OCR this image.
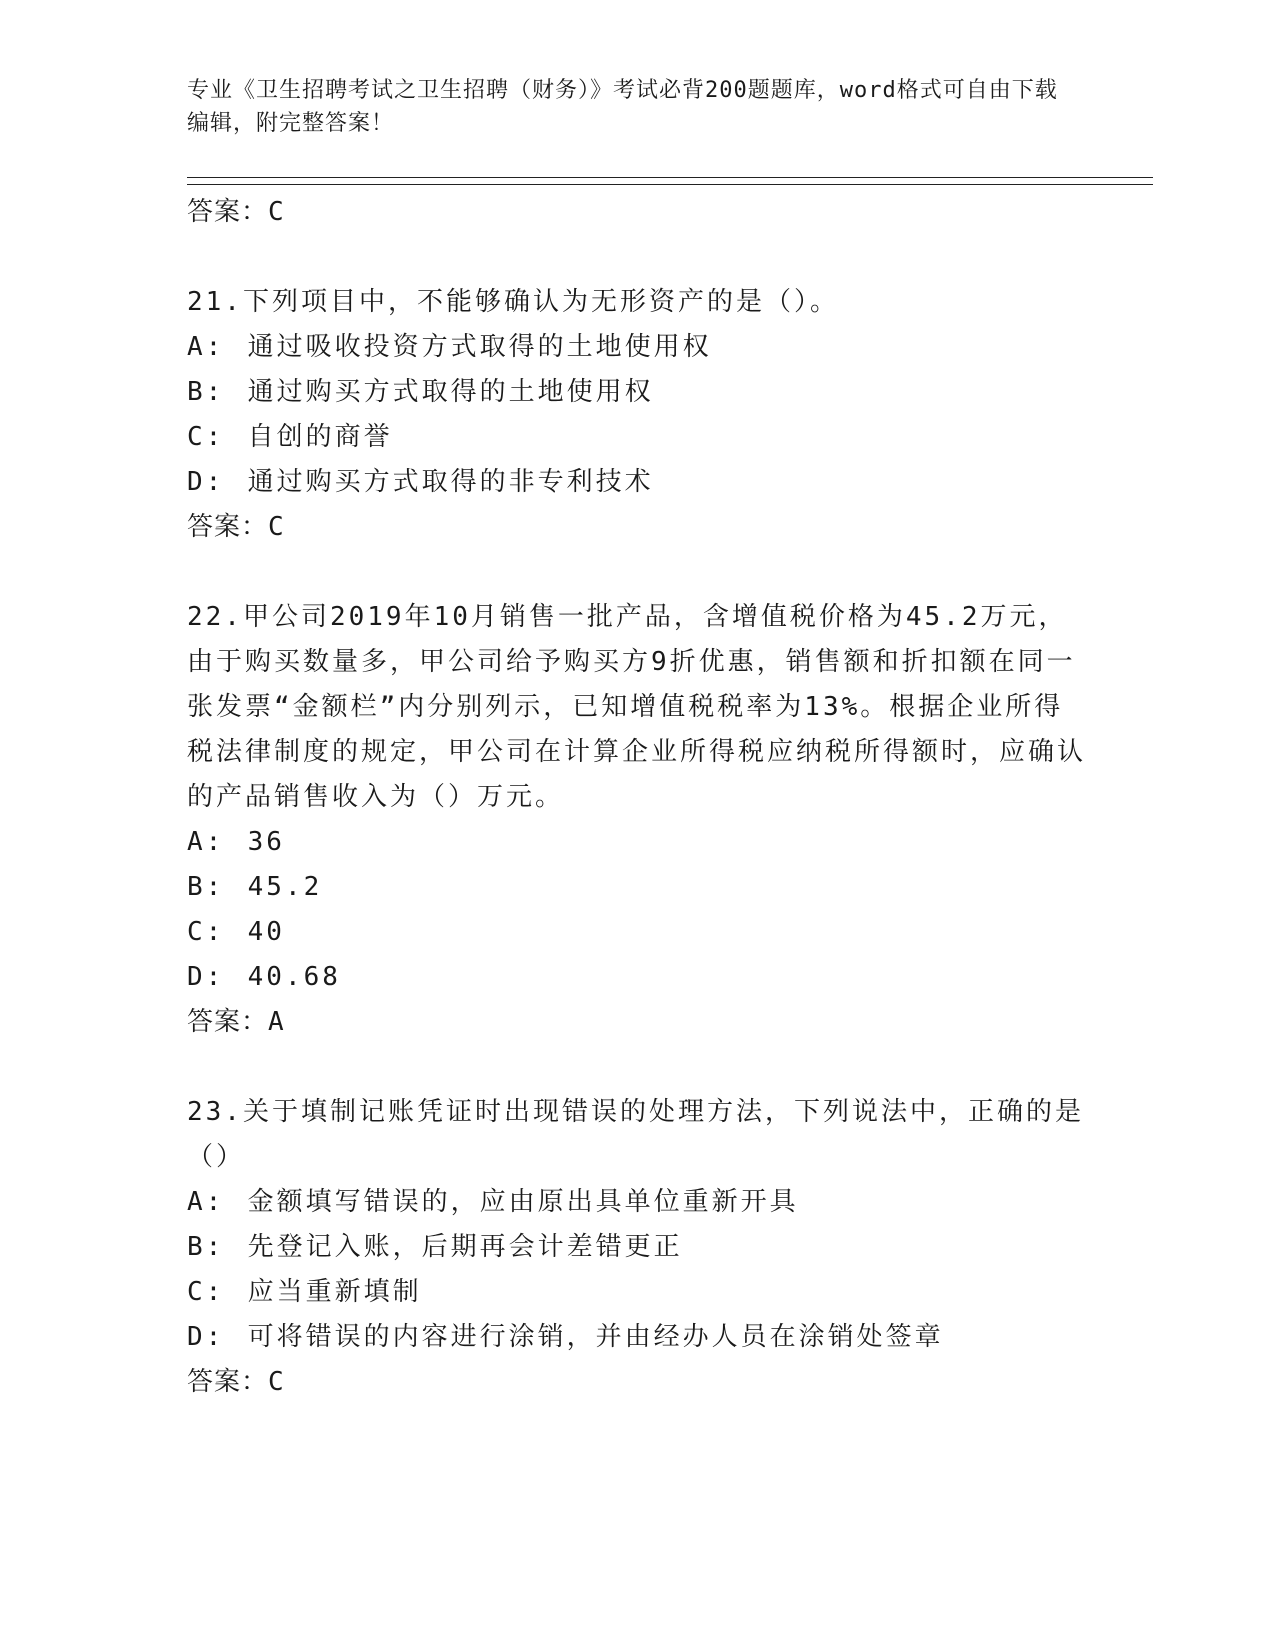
专业《卫生招聘考试之卫生招聘（财务）》考试必背200题题库，word格式可自由下载编辑，附完整答案！

答案：C

21.下列项目中，不能够确认为无形资产的是（）。

A: 通过吸收投资方式取得的土地使用权

B: 通过购买方式取得的土地使用权

C: 自创的商誉

D: 通过购买方式取得的非专利技术

答案：C

22.甲公司2019年10月销售一批产品，含增值税价格为45.2万元，由于购买数量多，甲公司给予购买方9折优惠，销售额和折扣额在同一张发票“金额栏”内分别列示，已知增值税税率为13%。根据企业所得税法律制度的规定，甲公司在计算企业所得税应纳税所得额时，应确认的产品销售收入为（）万元。

A: 36

B: 45.2

C: 40

D: 40.68

答案：A

23.关于填制记账凭证时出现错误的处理方法，下列说法中，正确的是（）

A: 金额填写错误的，应由原出具单位重新开具

B: 先登记入账，后期再会计差错更正

C: 应当重新填制

D: 可将错误的内容进行涂销，并由经办人员在涂销处签章

答案：C
